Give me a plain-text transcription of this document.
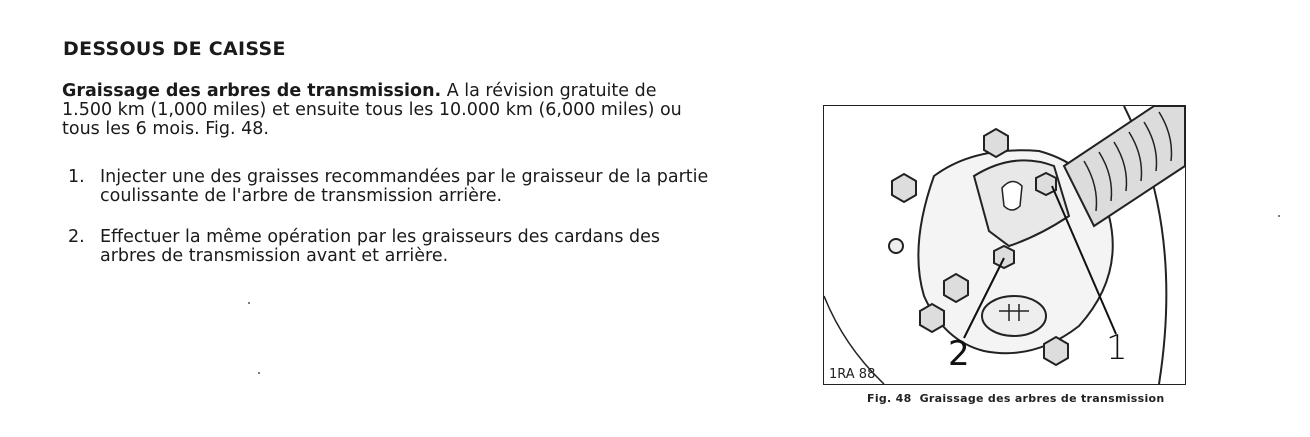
DESSOUS DE CAISSE
Graissage des arbres de transmission. A la révision gratuite de 1.500 km (1,000 miles) et ensuite tous les 10.000 km (6,000 miles) ou tous les 6 mois. Fig. 48.
1. Injecter une des graisses recommandées par le graisseur de la partie coulissante de l'arbre de transmission arrière.
2. Effectuer la même opération par les graisseurs des cardans des arbres de transmission avant et arrière.
1
2
1RA 88
Fig. 48 Graissage des arbres de transmission
